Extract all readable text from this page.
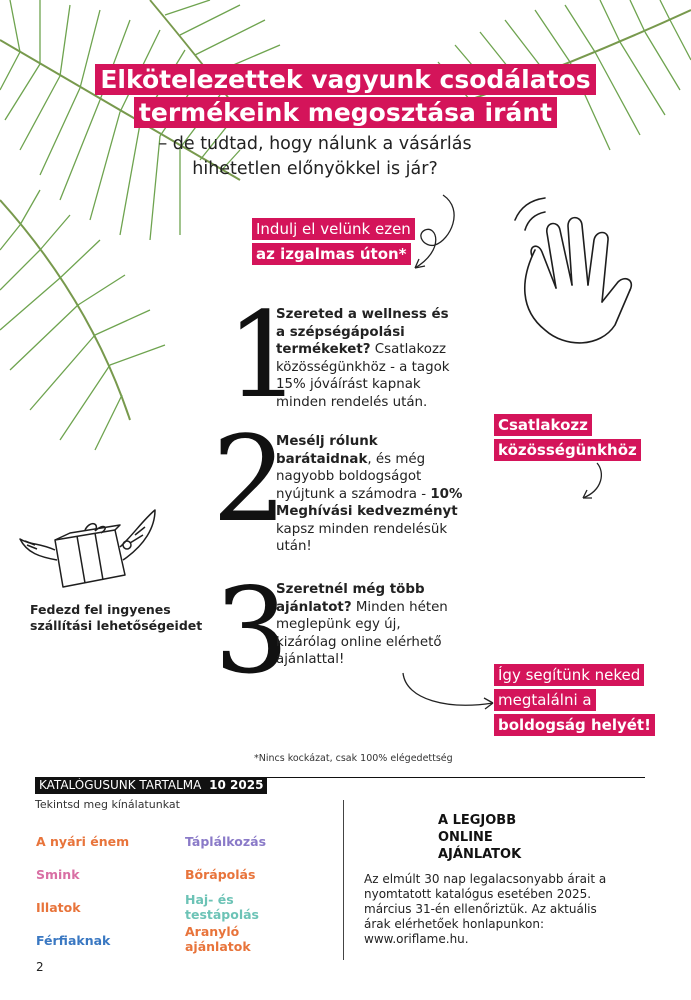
Elkötelezettek vagyunk csodálatos
termékeink megosztása iránt
– de tudtad, hogy nálunk a vásárlás
hihetetlen előnyökkel is jár?
Indulj el velünk ezen
az izgalmas úton*
1
Szereted a wellness és a szépségápolási termékeket? Csatlakozz közösségünkhöz - a tagok 15% jóváírást kapnak minden rendelés után.
Csatlakozz
közösségünkhöz
2
Mesélj rólunk barátaidnak, és még nagyobb boldogságot nyújtunk a számodra - 10% Meghívási kedvezményt kapsz minden rendelésük után!
Fedezd fel ingyenes
szállítási lehetőségeidet 3
Szeretnél még több ajánlatot? Minden héten meglepünk egy új, kizárólag online elérhető ajánlattal!
Így segítünk neked
megtalálni a
boldogság helyét!
*Nincs kockázat, csak 100% elégedettség
KATALÓGUSUNK TARTALMA 10 2025
Tekintsd meg kínálatunkat
A nyári énem
Smink
Illatok
Férfiaknak
Táplálkozás
Bőrápolás
Haj- és testápolás
Aranyló ajánlatok
A LEGJOBB
ONLINE
AJÁNLATOK
Az elmúlt 30 nap legalacsonyabb árait a nyomtatott katalógus esetében 2025. március 31-én ellenőriztük. Az aktuális árak elérhetőek honlapunkon: www.oriflame.hu.
2
